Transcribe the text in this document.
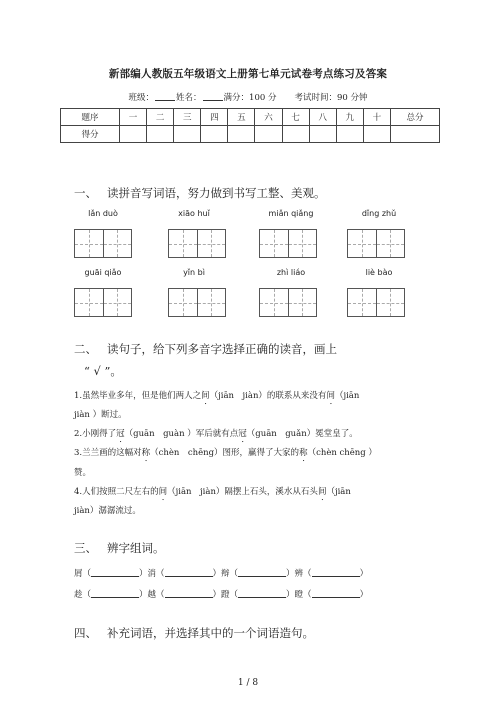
新部编人教版五年级语文上册第七单元试卷考点练习及答案
班级：	姓名：	满分：100 分 考试时间：90 分钟
题序	一	二	三	四	五	六	七	八	九	十	总分
得分											
一、 读拼音写词语，努力做到书写工整、美观。
lǎn duò	xiāo huǐ	miǎn qiǎng	dǐng zhǔ
guāi qiǎo	yǐn bì	zhì liáo	liè bào
二、 读句子，给下列多音字选择正确的读音，画上
“ √ ”。
1.虽然毕业多年，但是他们两人之间（jiān　jiàn）的联系从来没有间（jiān
jiàn ）断过。
2.小刚得了冠（guān　guàn ）军后就有点冠（guān　guǎn）冕堂皇了。
3.兰兰画的这幅对称（chèn　chēng）图形，赢得了大家的称（chèn chēng ）
赞。
4.人们按照二尺左右的间（jiān　jiàn）隔摆上石头，溪水从石头间（jiān
jiàn）潺潺流过。
三、 辨字组词。
屑（	）消（	）辩（	）辨（	）
趁（	）越（	）蹬（	）瞪（	）
四、 补充词语，并选择其中的一个词语造句。
1 / 8
